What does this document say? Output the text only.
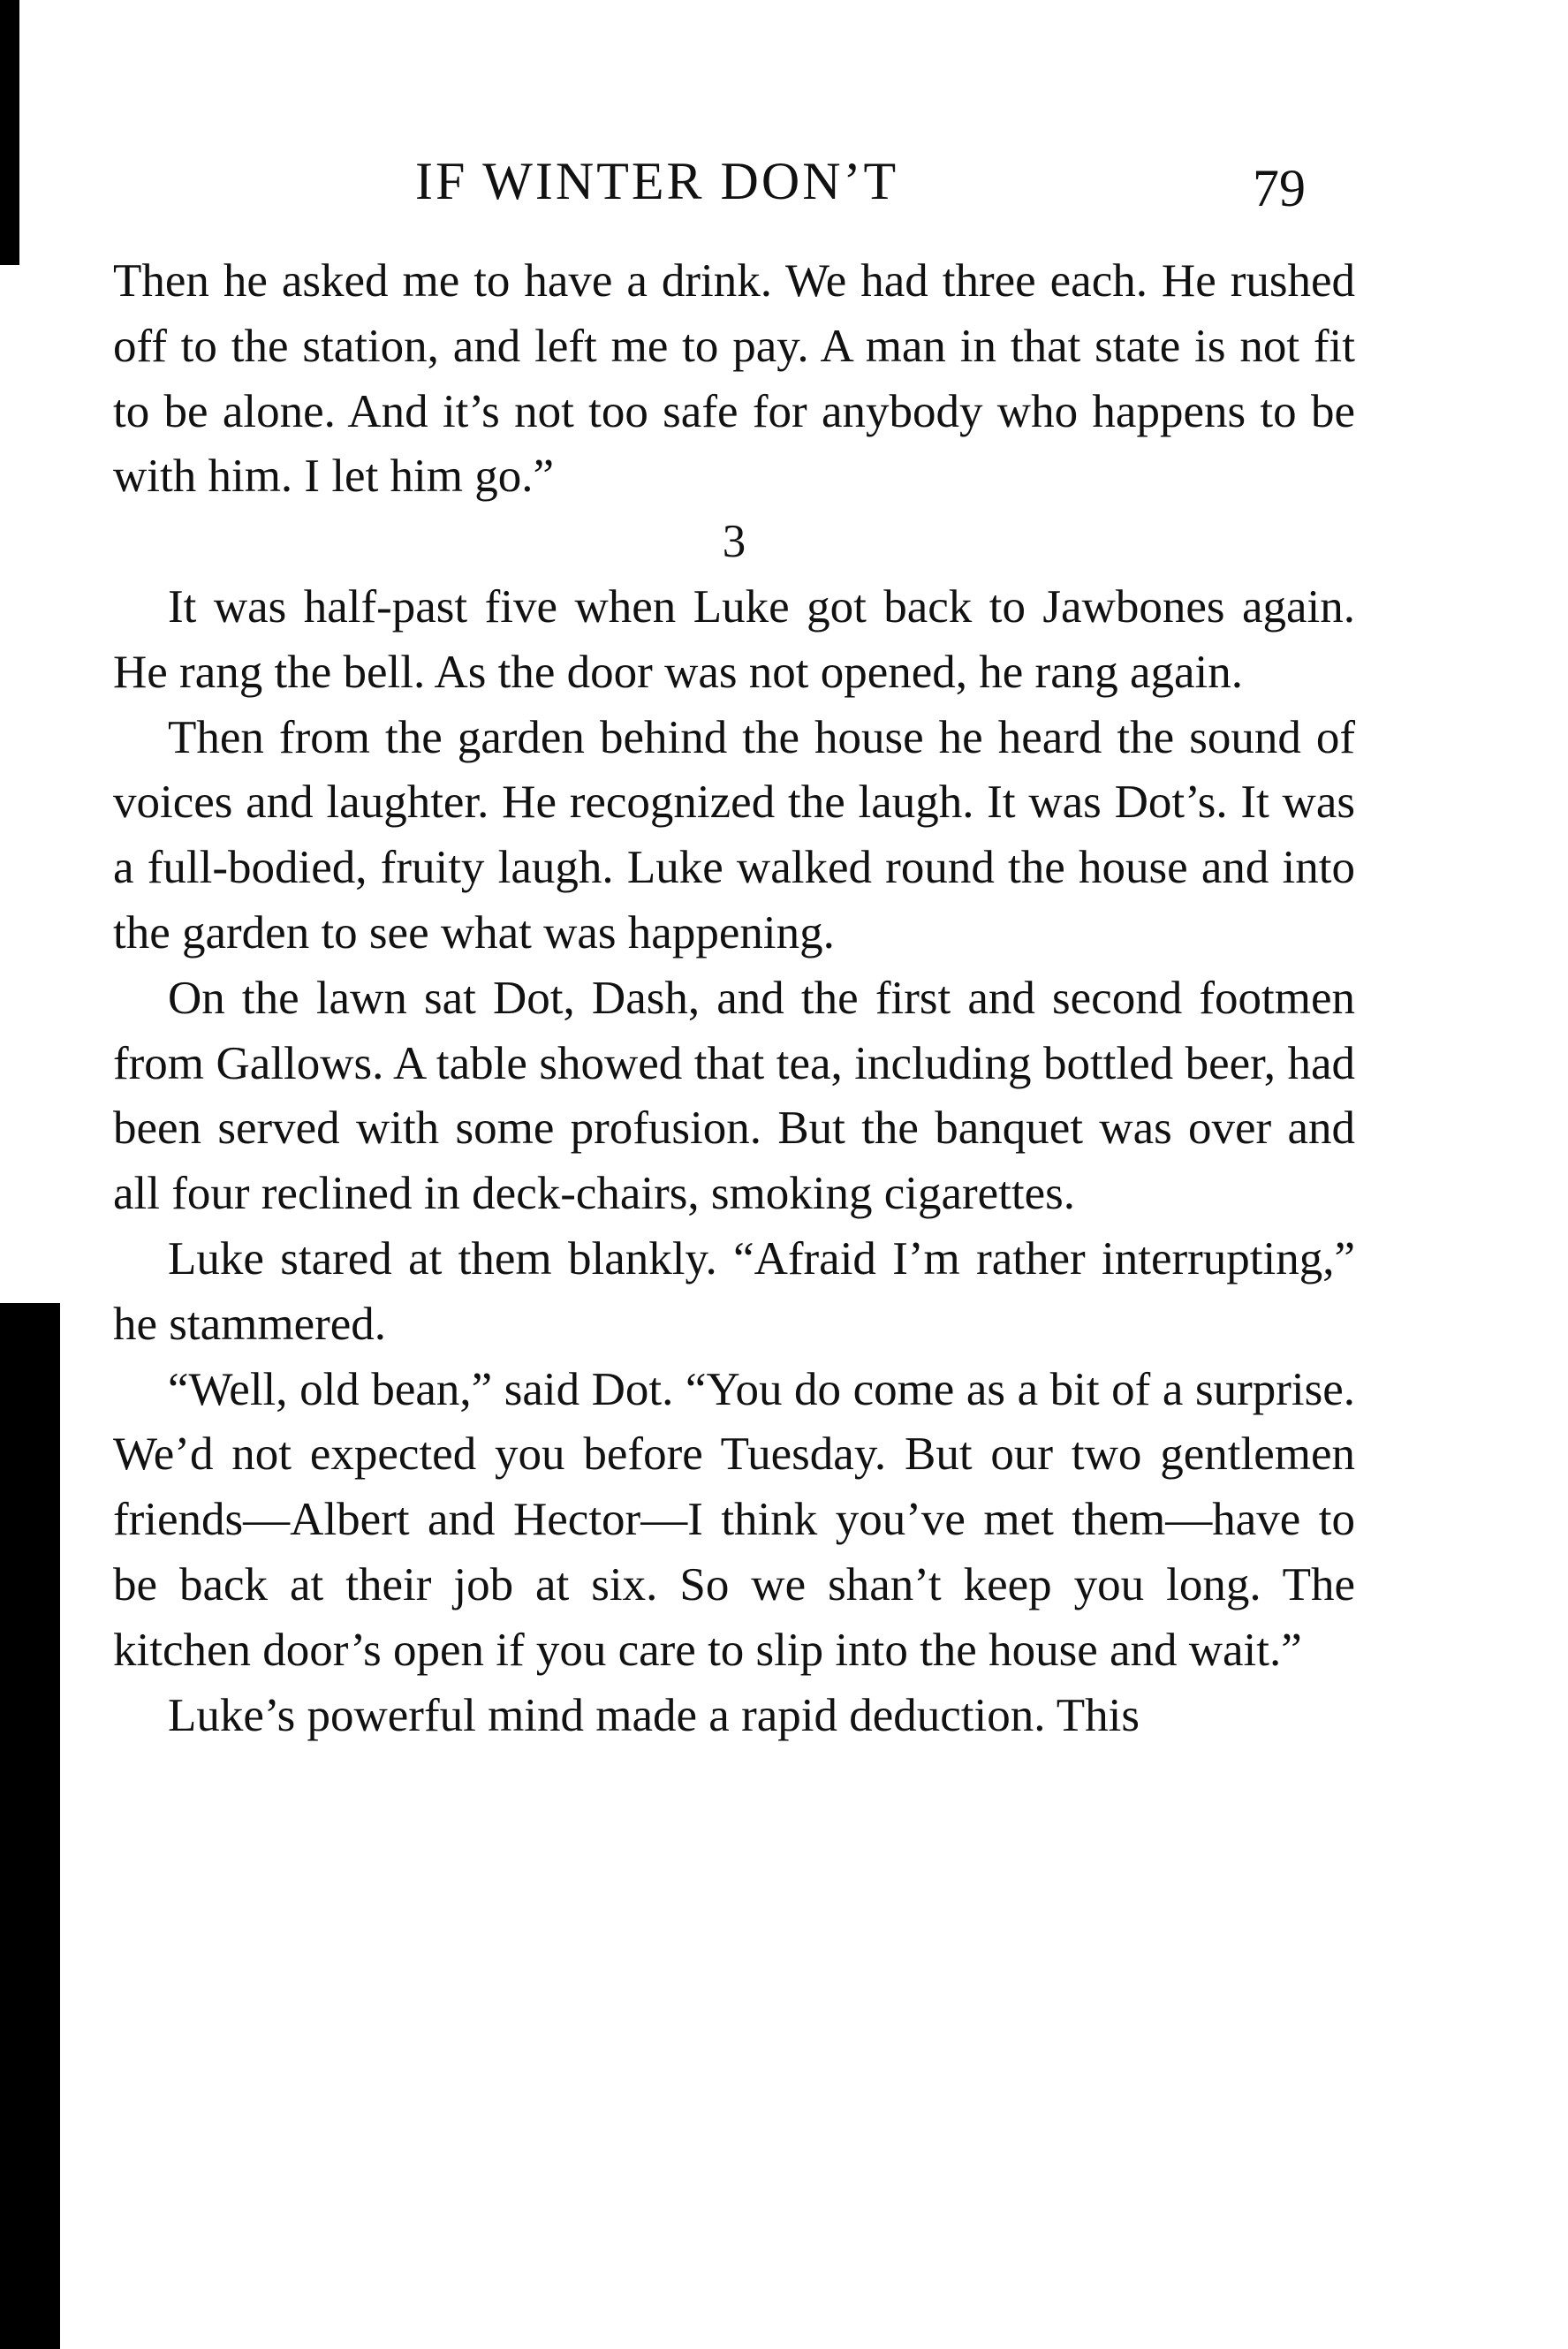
IF WINTER DON’T	79

Then he asked me to have a drink. We had three each. He rushed off to the station, and left me to pay. A man in that state is not fit to be alone. And it’s not too safe for anybody who happens to be with him. I let him go.”

3

It was half-past five when Luke got back to Jawbones again. He rang the bell. As the door was not opened, he rang again.

Then from the garden behind the house he heard the sound of voices and laughter. He recognized the laugh. It was Dot’s. It was a full-bodied, fruity laugh. Luke walked round the house and into the garden to see what was happening.

On the lawn sat Dot, Dash, and the first and second footmen from Gallows. A table showed that tea, including bottled beer, had been served with some profusion. But the banquet was over and all four reclined in deck-chairs, smoking cigarettes.

Luke stared at them blankly. “Afraid I’m rather interrupting,” he stammered.

“Well, old bean,” said Dot. “You do come as a bit of a surprise. We’d not expected you before Tuesday. But our two gentlemen friends—Albert and Hector—I think you’ve met them—have to be back at their job at six. So we shan’t keep you long. The kitchen door’s open if you care to slip into the house and wait.”

Luke’s powerful mind made a rapid deduction. This
